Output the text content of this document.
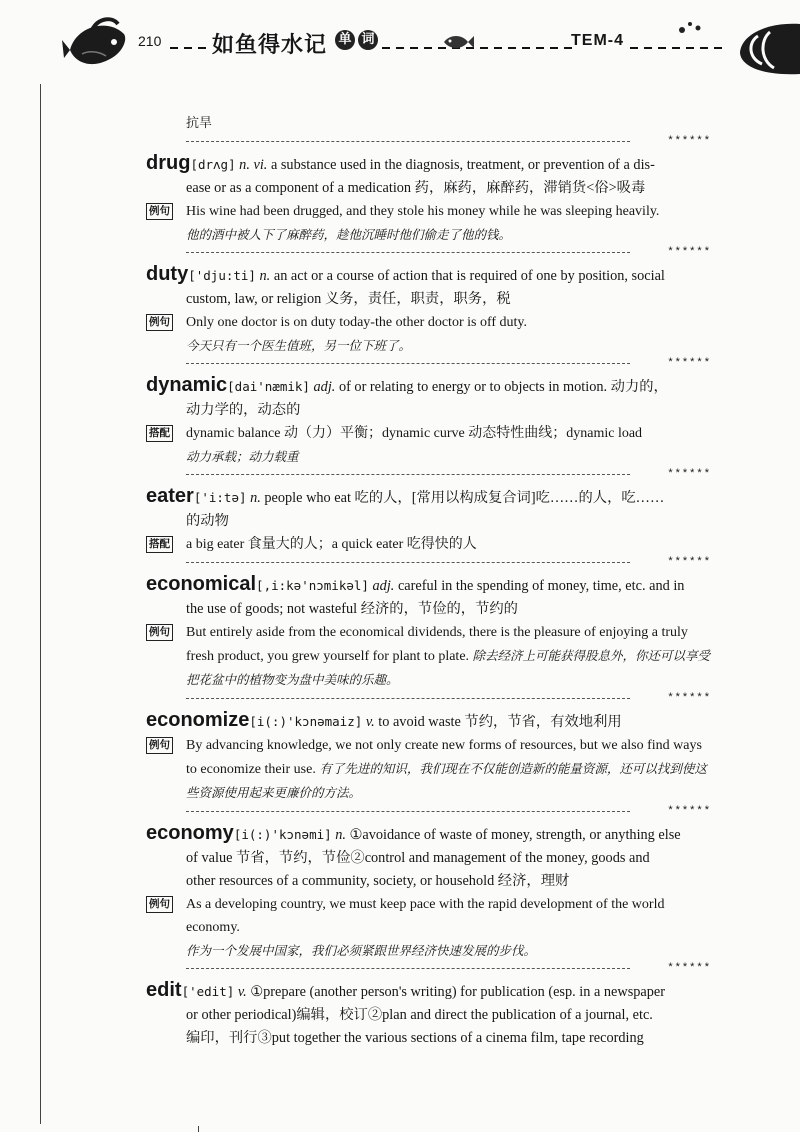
210 如鱼得水记 单 词	TEM-4
抗旱
******
drug[drʌg] n. vi. a substance used in the diagnosis, treatment, or prevention of a dis-
ease or as a component of a medication 药，麻药，麻醉药，滞销货<俗>吸毒
例句 His wine had been drugged, and they stole his money while he was sleeping heavily.
他的酒中被人下了麻醉药，趁他沉睡时他们偷走了他的钱。
******
duty['dju:ti] n. an act or a course of action that is required of one by position, social
custom, law, or religion 义务，责任，职责，职务，税
例句 Only one doctor is on duty today-the other doctor is off duty.
今天只有一个医生值班，另一位下班了。
******
dynamic[dai'næmik] adj. of or relating to energy or to objects in motion. 动力的，
动力学的，动态的
搭配 dynamic balance 动（力）平衡；dynamic curve 动态特性曲线；dynamic load
动力承载；动力载重
******
eater['i:tə] n. people who eat 吃的人，[常用以构成复合词]吃……的人，吃……
的动物
搭配 a big eater 食量大的人；a quick eater 吃得快的人
******
economical[,i:kə'nɔmikəl] adj. careful in the spending of money, time, etc. and in
the use of goods; not wasteful 经济的，节俭的，节约的
例句 But entirely aside from the economical dividends, there is the pleasure of enjoying a truly fresh product, you grew yourself for plant to plate. 除去经济上可能获得股息外，你还可以享受把花盆中的植物变为盘中美味的乐趣。
******
economize[i(:)'kɔnəmaiz] v. to avoid waste 节约，节省，有效地利用
例句 By advancing knowledge, we not only create new forms of resources, but we also find ways to economize their use. 有了先进的知识，我们现在不仅能创造新的能量资源，还可以找到使这些资源使用起来更廉价的方法。
******
economy[i(:)'kɔnəmi] n. ①avoidance of waste of money, strength, or anything else
of value 节省，节约，节俭②control and management of the money, goods and
other resources of a community, society, or household 经济，理财
例句 As a developing country, we must keep pace with the rapid development of the world economy.
作为一个发展中国家，我们必须紧跟世界经济快速发展的步伐。
******
edit['edit] v. ①prepare (another person's writing) for publication (esp. in a newspaper
or other periodical)编辑，校订②plan and direct the publication of a journal, etc.
编印，刊行③put together the various sections of a cinema film, tape recording
